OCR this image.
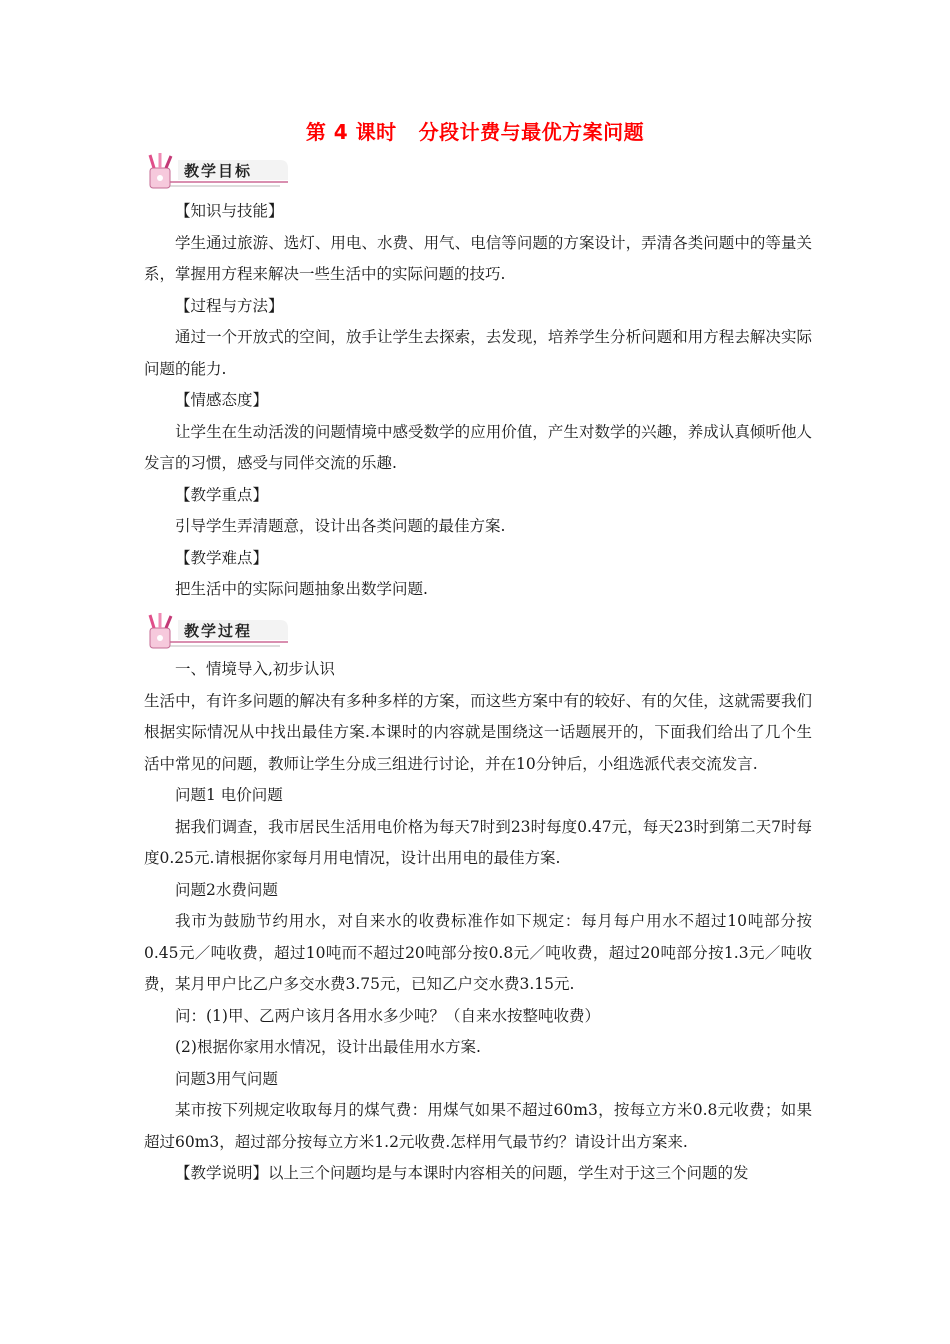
第 4 课时 分段计费与最优方案问题
教学目标

【知识与技能】

学生通过旅游、选灯、用电、水费、用气、电信等问题的方案设计，弄清各类问题中的等量关系，掌握用方程来解决一些生活中的实际问题的技巧.

【过程与方法】

通过一个开放式的空间，放手让学生去探索，去发现，培养学生分析问题和用方程去解决实际问题的能力.

【情感态度】

让学生在生动活泼的问题情境中感受数学的应用价值，产生对数学的兴趣，养成认真倾听他人发言的习惯，感受与同伴交流的乐趣.

【教学重点】

引导学生弄清题意，设计出各类问题的最佳方案.

【教学难点】

把生活中的实际问题抽象出数学问题.

教学过程

一、情境导入,初步认识

生活中，有许多问题的解决有多种多样的方案，而这些方案中有的较好、有的欠佳，这就需要我们根据实际情况从中找出最佳方案.本课时的内容就是围绕这一话题展开的，下面我们给出了几个生活中常见的问题，教师让学生分成三组进行讨论，并在10分钟后，小组选派代表交流发言.

问题1 电价问题

据我们调查，我市居民生活用电价格为每天7时到23时每度0.47元，每天23时到第二天7时每度0.25元.请根据你家每月用电情况，设计出用电的最佳方案.

问题2水费问题

我市为鼓励节约用水，对自来水的收费标准作如下规定：每月每户用水不超过10吨部分按0.45元／吨收费，超过10吨而不超过20吨部分按0.8元／吨收费，超过20吨部分按1.3元／吨收费，某月甲户比乙户多交水费3.75元，已知乙户交水费3.15元.

问：(1)甲、乙两户该月各用水多少吨？（自来水按整吨收费）

(2)根据你家用水情况，设计出最佳用水方案.

问题3用气问题

某市按下列规定收取每月的煤气费：用煤气如果不超过60m3，按每立方米0.8元收费；如果超过60m3，超过部分按每立方米1.2元收费.怎样用气最节约？请设计出方案来.

【教学说明】以上三个问题均是与本课时内容相关的问题，学生对于这三个问题的发
